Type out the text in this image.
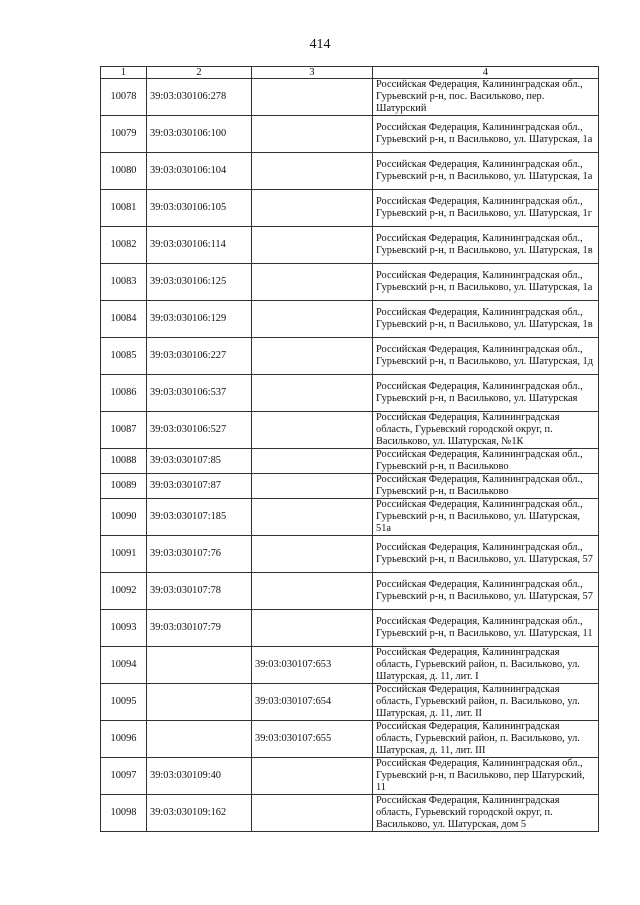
414
1	2	3	4
10078	39:03:030106:278		Российская Федерация, Калининградская обл., Гурьевский р-н, пос. Васильково, пер. Шатурский
10079	39:03:030106:100		Российская Федерация, Калининградская обл., Гурьевский р-н, п Васильково, ул. Шатурская, 1а
10080	39:03:030106:104		Российская Федерация, Калининградская обл., Гурьевский р-н, п Васильково, ул. Шатурская, 1а
10081	39:03:030106:105		Российская Федерация, Калининградская обл., Гурьевский р-н, п Васильково, ул. Шатурская, 1г
10082	39:03:030106:114		Российская Федерация, Калининградская обл., Гурьевский р-н, п Васильково, ул. Шатурская, 1в
10083	39:03:030106:125		Российская Федерация, Калининградская обл., Гурьевский р-н, п Васильково, ул. Шатурская, 1а
10084	39:03:030106:129		Российская Федерация, Калининградская обл., Гурьевский р-н, п Васильково, ул. Шатурская, 1в
10085	39:03:030106:227		Российская Федерация, Калининградская обл., Гурьевский р-н, п Васильково, ул. Шатурская, 1д
10086	39:03:030106:537		Российская Федерация, Калининградская обл., Гурьевский р-н, п Васильково, ул. Шатурская
10087	39:03:030106:527		Российская Федерация, Калининградская область, Гурьевский городской округ, п. Васильково, ул. Шатурская, №1К
10088	39:03:030107:85		Российская Федерация, Калининградская обл., Гурьевский р-н, п Васильково
10089	39:03:030107:87		Российская Федерация, Калининградская обл., Гурьевский р-н, п Васильково
10090	39:03:030107:185		Российская Федерация, Калининградская обл., Гурьевский р-н, п Васильково, ул. Шатурская, 51а
10091	39:03:030107:76		Российская Федерация, Калининградская обл., Гурьевский р-н, п Васильково, ул. Шатурская, 57
10092	39:03:030107:78		Российская Федерация, Калининградская обл., Гурьевский р-н, п Васильково, ул. Шатурская, 57
10093	39:03:030107:79		Российская Федерация, Калининградская обл., Гурьевский р-н, п Васильково, ул. Шатурская, 11
10094		39:03:030107:653	Российская Федерация, Калининградская область, Гурьевский район, п. Васильково, ул. Шатурская, д. 11, лит. I
10095		39:03:030107:654	Российская Федерация, Калининградская область, Гурьевский район, п. Васильково, ул. Шатурская, д. 11, лит. II
10096		39:03:030107:655	Российская Федерация, Калининградская область, Гурьевский район, п. Васильково, ул. Шатурская, д. 11, лит. III
10097	39:03:030109:40		Российская Федерация, Калининградская обл., Гурьевский р-н, п Васильково, пер Шатурский, 11
10098	39:03:030109:162		Российская Федерация, Калининградская область, Гурьевский городской округ, п. Васильково, ул. Шатурская, дом 5
